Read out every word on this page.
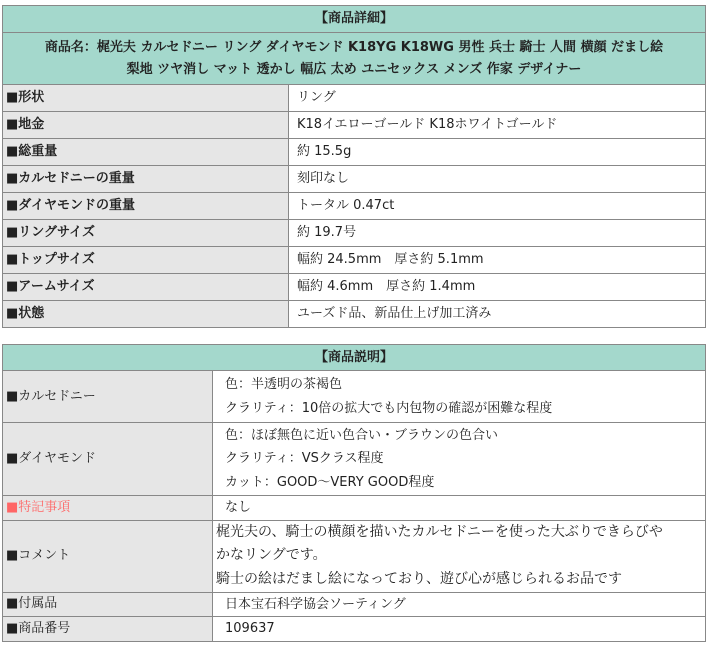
【商品詳細】	

商品名：梶光夫 カルセドニー リング ダイヤモンド K18YG K18WG 男性 兵士 騎士 人間 横顔 だまし絵
梨地 ツヤ消し マット 透かし 幅広 太め ユニセックス メンズ 作家 デザイナー	

■形状	リング
■地金	K18イエローゴールド K18ホワイトゴールド
■総重量	約 15.5g
■カルセドニーの重量	刻印なし
■ダイヤモンドの重量	トータル 0.47ct
■リングサイズ	約 19.7号
■トップサイズ	幅約 24.5mm　厚さ約 5.1mm
■アームサイズ	幅約 4.6mm　厚さ約 1.4mm
■状態	ユーズド品、新品仕上げ加工済み
【商品説明】	
■カルセドニー	色：半透明の茶褐色
クラリティ：10倍の拡大でも内包物の確認が困難な程度

■ダイヤモンド	色：ほぼ無色に近い色合い・ブラウンの色合い
クラリティ：VSクラス程度
カット：GOOD～VERY GOOD程度

■特記事項	なし
■コメント	梶光夫の、騎士の横顔を描いたカルセドニーを使った大ぶりできらびや
かなリングです。
騎士の絵はだまし絵になっており、遊び心が感じられるお品です

■付属品	日本宝石科学協会ソーティング
■商品番号	109637
